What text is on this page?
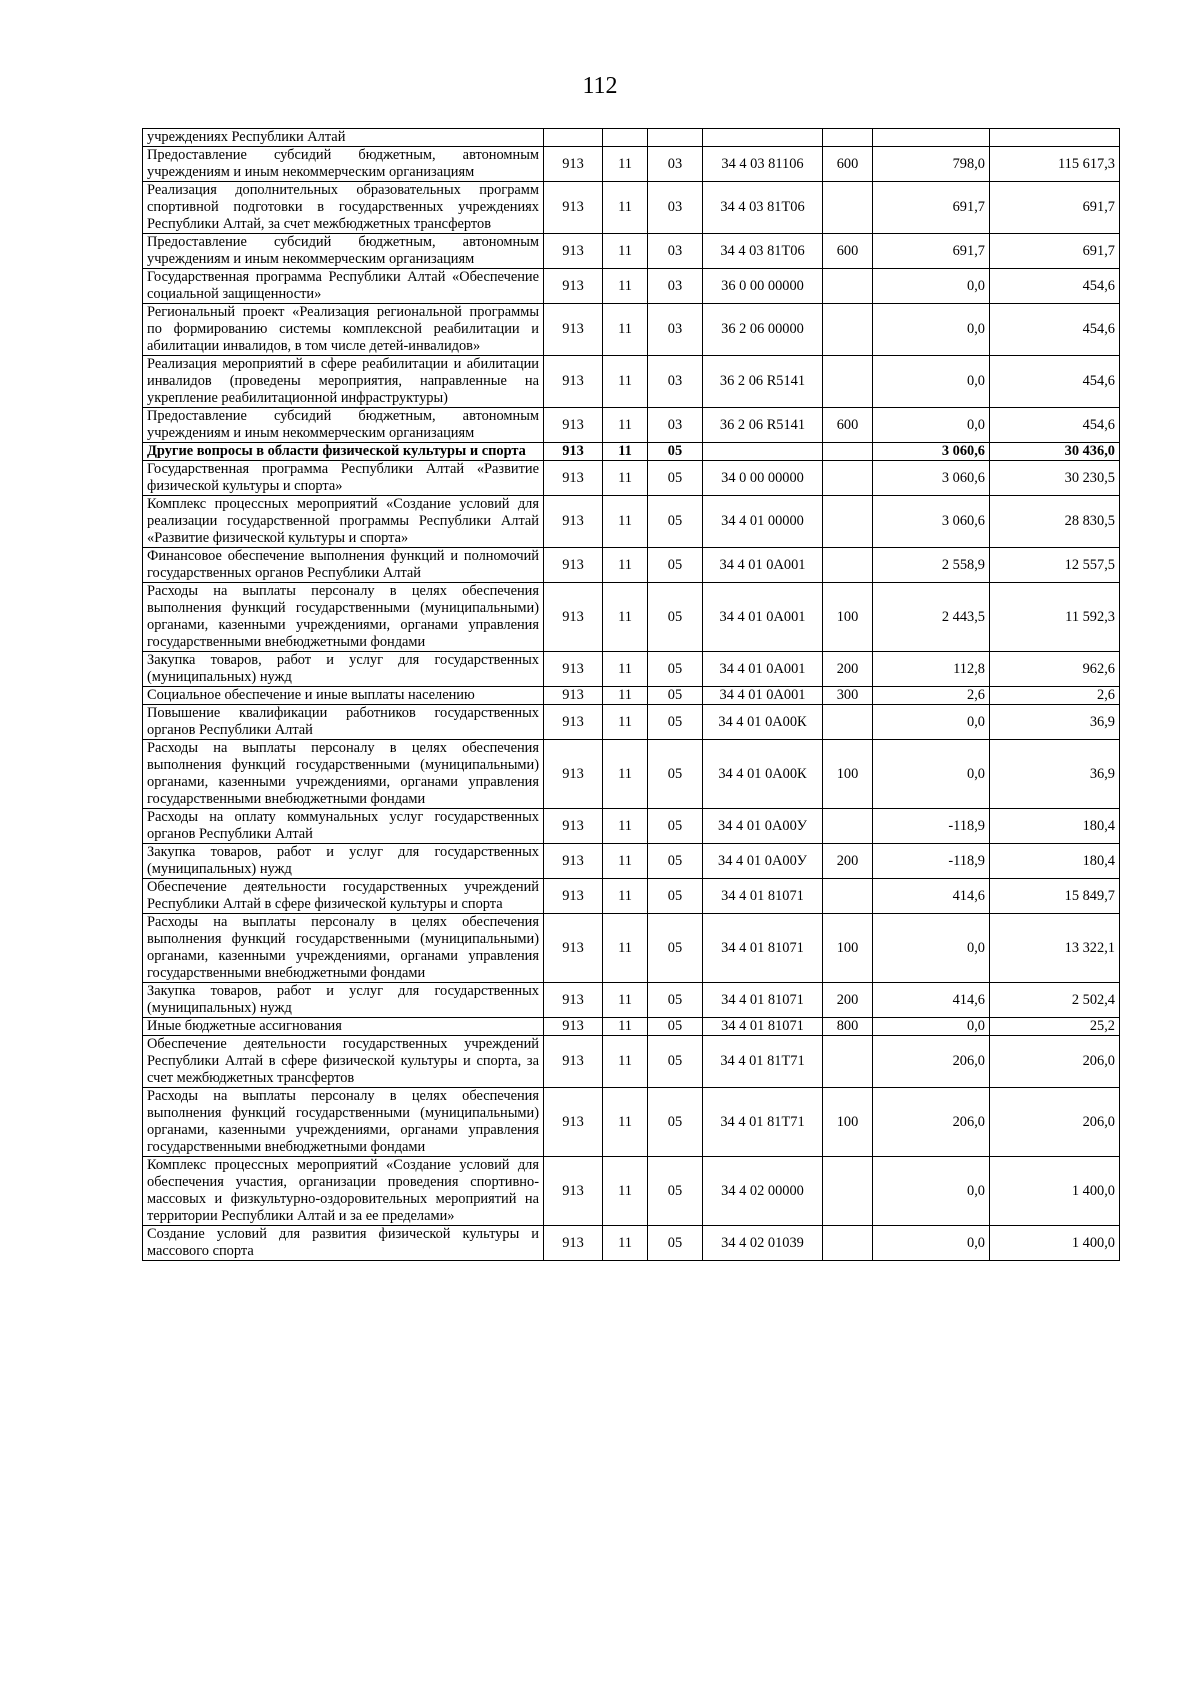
112
учреждениях Республики Алтай							
Предоставление субсидий бюджетным, автономным учреждениям и иным некоммерческим организациям	913	11	03	34 4 03 81106	600	798,0	115 617,3
Реализация дополнительных образовательных программ спортивной подготовки в государственных учреждениях Республики Алтай, за счет межбюджетных трансфертов	913	11	03	34 4 03 81Т06		691,7	691,7
Предоставление субсидий бюджетным, автономным учреждениям и иным некоммерческим организациям	913	11	03	34 4 03 81Т06	600	691,7	691,7
Государственная программа Республики Алтай «Обеспечение социальной защищенности»	913	11	03	36 0 00 00000		0,0	454,6
Региональный проект «Реализация региональной программы по формированию системы комплексной реабилитации и абилитации инвалидов, в том числе детей-инвалидов»	913	11	03	36 2 06 00000		0,0	454,6
Реализация мероприятий в сфере реабилитации и абилитации инвалидов (проведены мероприятия, направленные на укрепление реабилитационной инфраструктуры)	913	11	03	36 2 06 R5141		0,0	454,6
Предоставление субсидий бюджетным, автономным учреждениям и иным некоммерческим организациям	913	11	03	36 2 06 R5141	600	0,0	454,6
Другие вопросы в области физической культуры и спорта	913	11	05			3 060,6	30 436,0
Государственная программа Республики Алтай «Развитие физической культуры и спорта»	913	11	05	34 0 00 00000		3 060,6	30 230,5
Комплекс процессных мероприятий «Создание условий для реализации государственной программы Республики Алтай «Развитие физической культуры и спорта»	913	11	05	34 4 01 00000		3 060,6	28 830,5
Финансовое обеспечение выполнения функций и полномочий государственных органов Республики Алтай	913	11	05	34 4 01 0А001		2 558,9	12 557,5
Расходы на выплаты персоналу в целях обеспечения выполнения функций государственными (муниципальными) органами, казенными учреждениями, органами управления государственными внебюджетными фондами	913	11	05	34 4 01 0А001	100	2 443,5	11 592,3
Закупка товаров, работ и услуг для государственных (муниципальных) нужд	913	11	05	34 4 01 0А001	200	112,8	962,6
Социальное обеспечение и иные выплаты населению	913	11	05	34 4 01 0А001	300	2,6	2,6
Повышение квалификации работников государственных органов Республики Алтай	913	11	05	34 4 01 0А00К		0,0	36,9
Расходы на выплаты персоналу в целях обеспечения выполнения функций государственными (муниципальными) органами, казенными учреждениями, органами управления государственными внебюджетными фондами	913	11	05	34 4 01 0А00К	100	0,0	36,9
Расходы на оплату коммунальных услуг государственных органов Республики Алтай	913	11	05	34 4 01 0А00У		-118,9	180,4
Закупка товаров, работ и услуг для государственных (муниципальных) нужд	913	11	05	34 4 01 0А00У	200	-118,9	180,4
Обеспечение деятельности государственных учреждений Республики Алтай в сфере физической культуры и спорта	913	11	05	34 4 01 81071		414,6	15 849,7
Расходы на выплаты персоналу в целях обеспечения выполнения функций государственными (муниципальными) органами, казенными учреждениями, органами управления государственными внебюджетными фондами	913	11	05	34 4 01 81071	100	0,0	13 322,1
Закупка товаров, работ и услуг для государственных (муниципальных) нужд	913	11	05	34 4 01 81071	200	414,6	2 502,4
Иные бюджетные ассигнования	913	11	05	34 4 01 81071	800	0,0	25,2
Обеспечение деятельности государственных учреждений Республики Алтай в сфере физической культуры и спорта, за счет межбюджетных трансфертов	913	11	05	34 4 01 81Т71		206,0	206,0
Расходы на выплаты персоналу в целях обеспечения выполнения функций государственными (муниципальными) органами, казенными учреждениями, органами управления государственными внебюджетными фондами	913	11	05	34 4 01 81Т71	100	206,0	206,0
Комплекс процессных мероприятий «Создание условий для обеспечения участия, организации проведения спортивно-массовых и физкультурно-оздоровительных мероприятий на территории Республики Алтай и за ее пределами»	913	11	05	34 4 02 00000		0,0	1 400,0
Создание условий для развития физической культуры и массового спорта	913	11	05	34 4 02 01039		0,0	1 400,0
